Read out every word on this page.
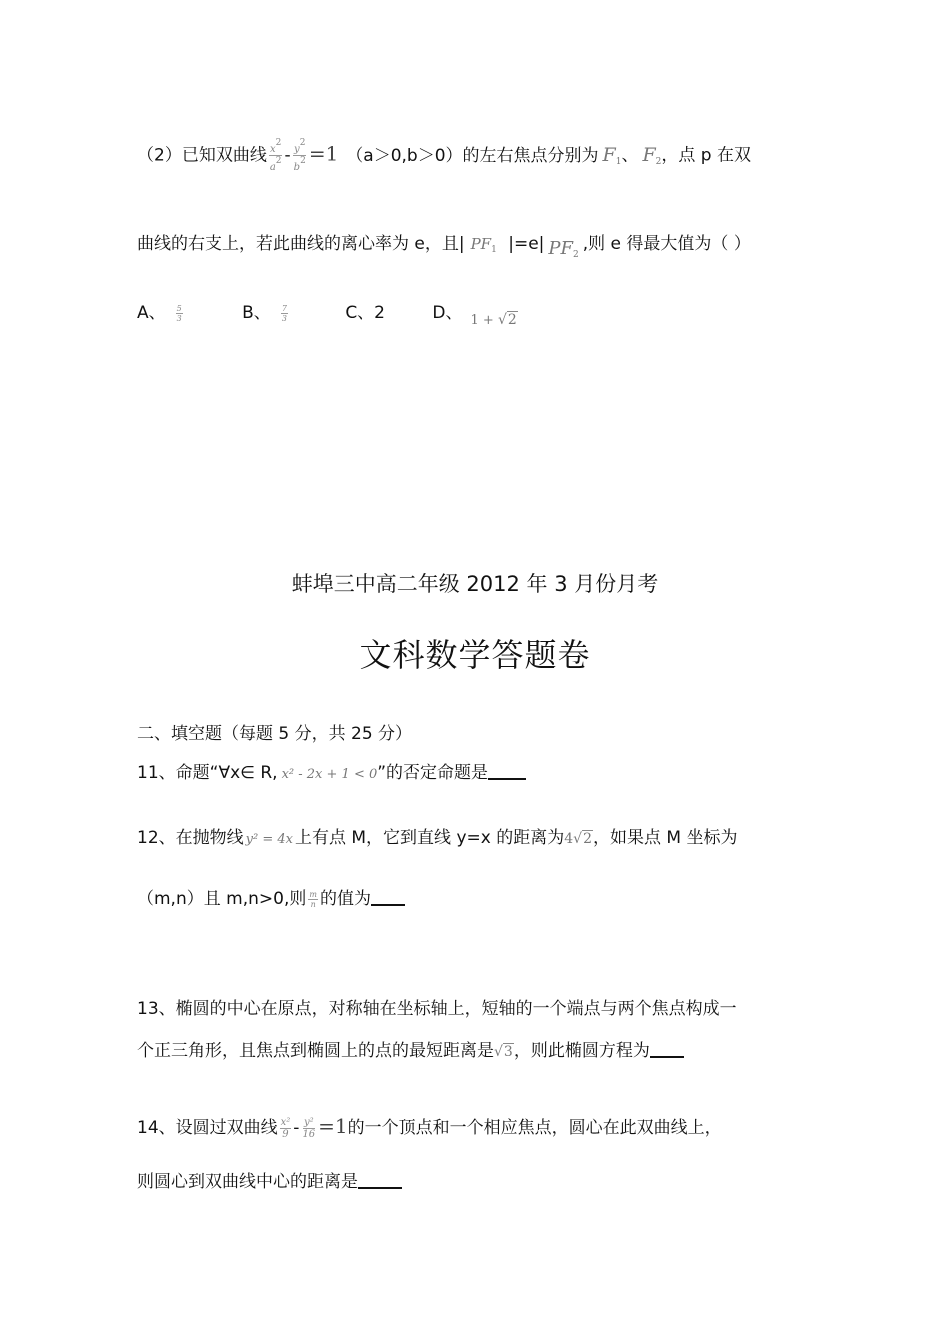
（2）已知双曲线 $\frac{x2}{a2} - \frac{y2}{b2} =1$ （a＞0,b＞0）的左右焦点分别为 $F_1$、 $F_2$，点 p 在双
曲线的右支上，若此曲线的离心率为 e，且| $PF_1$ |=e| $PF_2$,则 e 得最大值为（ ）
A、 $\frac{5}{3}$	B、 $\frac{7}{3}$	C、2	D、 $_{1 + √2}$
蚌埠三中高二年级 2012 年 3 月份月考
文科数学答题卷
二、填空题（每题 5 分，共 25 分）
11、命题“∀x∈ R, x² - 2x + 1 < 0”的否定命题是
12、在抛物线 y² = 4x 上有点 M，它到直线 y=x 的距离为4√2，如果点 M 坐标为
（m,n）且 m,n>0,则 $\frac{m}{n}$ 的值为
13、椭圆的中心在原点，对称轴在坐标轴上，短轴的一个端点与两个焦点构成一
个正三角形，且焦点到椭圆上的点的最短距离是√3，则此椭圆方程为
14、设圆过双曲线 $\frac{\text{x²}}{9} - \frac{\text{y²}}{16} =1$的一个顶点和一个相应焦点，圆心在此双曲线上，
则圆心到双曲线中心的距离是
